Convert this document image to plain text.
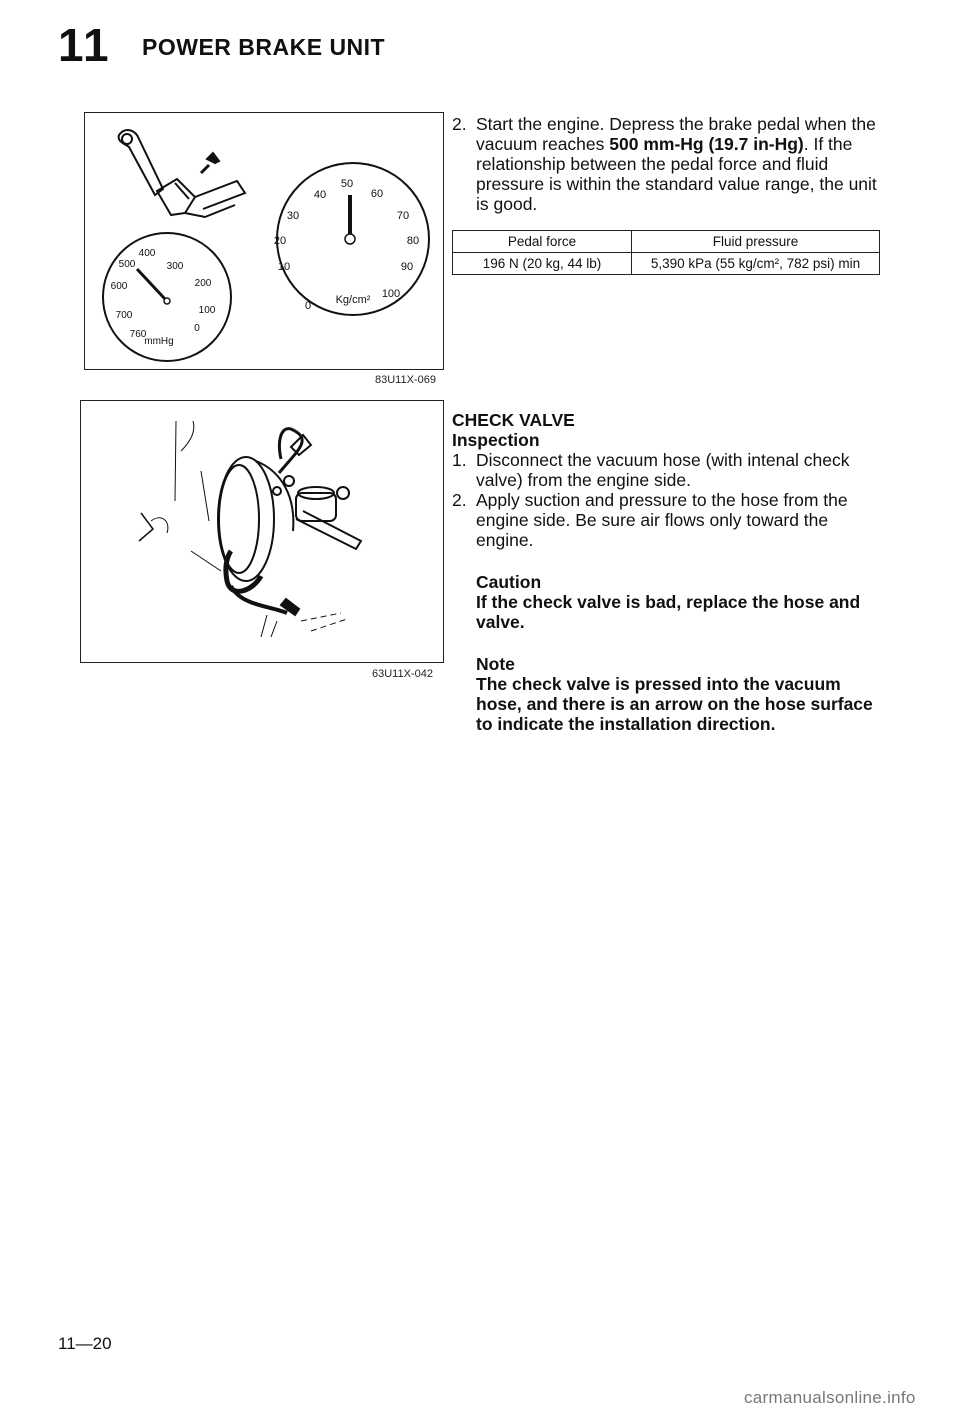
11 POWER BRAKE UNIT
0
10
20
30
40
50
60
70
80
90
100
Kg/cm²
760
700
600
500
400
300
200
100
0
mmHg
83U11X-069
63U11X-042

2. Start the engine. Depress the brake pedal when the vacuum reaches 500 mm-Hg (19.7 in-Hg). If the relationship between the pedal force and fluid pressure is within the standard value range, the unit is good.

Pedal force	Fluid pressure
196 N (20 kg, 44 lb)	5,390 kPa (55 kg/cm², 782 psi) min

CHECK VALVE

Inspection

1. Disconnect the vacuum hose (with intenal check valve) from the engine side.

2. Apply suction and pressure to the hose from the engine side. Be sure air flows only toward the engine.

Caution

If the check valve is bad, replace the hose and valve.

Note

The check valve is pressed into the vacuum hose, and there is an arrow on the hose surface to indicate the installation direction.

11—20
carmanualsonline.info
